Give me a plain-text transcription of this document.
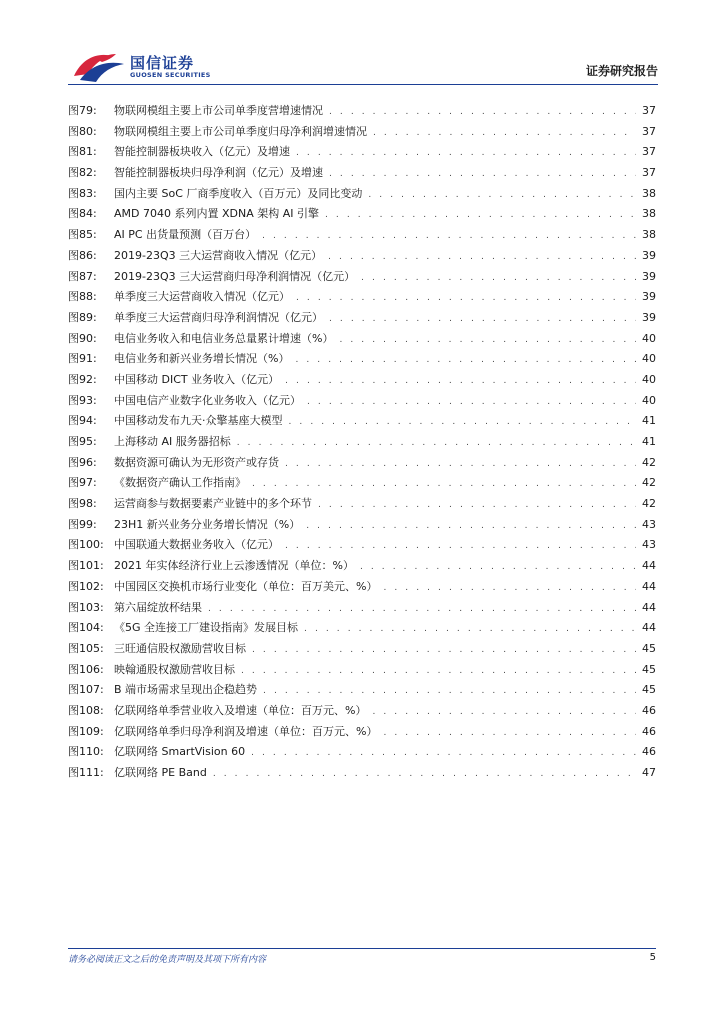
国信证券
GUOSEN SECURITIES	证券研究报告
图79:	物联网模组主要上市公司单季度营增速情况 . . .	37
图80:	物联网模组主要上市公司单季度归母净利润增速情况 . . .	37
图81:	智能控制器板块收入（亿元）及增速 . . .	37
图82:	智能控制器板块归母净利润（亿元）及增速 . . .	37
图83:	国内主要 SoC 厂商季度收入（百万元）及同比变动 . . .	38
图84:	AMD 7040 系列内置 XDNA 架构 AI 引擎 . . .	38
图85:	AI PC 出货量预测（百万台） . . .	38
图86:	2019-23Q3 三大运营商收入情况（亿元） . . .	39
图87:	2019-23Q3 三大运营商归母净利润情况（亿元） . . .	39
图88:	单季度三大运营商收入情况（亿元） . . .	39
图89:	单季度三大运营商归母净利润情况（亿元） . . .	39
图90:	电信业务收入和电信业务总量累计增速（%） . . .	40
图91:	电信业务和新兴业务增长情况（%） . . .	40
图92:	中国移动 DICT 业务收入（亿元） . . .	40
图93:	中国电信产业数字化业务收入（亿元） . . .	40
图94:	中国移动发布九天·众擎基座大模型 . . .	41
图95:	上海移动 AI 服务器招标 . . .	41
图96:	数据资源可确认为无形资产或存货 . . .	42
图97:	《数据资产确认工作指南》 . . .	42
图98:	运营商参与数据要素产业链中的多个环节 . . .	42
图99:	23H1 新兴业务分业务增长情况（%） . . .	43
图100: 中国联通大数据业务收入（亿元） . . .	43
图101: 2021 年实体经济行业上云渗透情况（单位：%） . . .	44
图102: 中国园区交换机市场行业变化（单位：百万美元、%） . . .	44
图103: 第六届绽放杯结果 . . .	44
图104: 《5G 全连接工厂建设指南》发展目标 . . .	44
图105: 三旺通信股权激励营收目标 . . .	45
图106: 映翰通股权激励营收目标 . . .	45
图107: B 端市场需求呈现出企稳趋势 . . .	45
图108: 亿联网络单季营业收入及增速（单位：百万元、%） . . .	46
图109: 亿联网络单季归母净利润及增速（单位：百万元、%） . . .	46
图110: 亿联网络 SmartVision 60 . . .	46
图111: 亿联网络 PE Band . . .	47
请务必阅读正文之后的免责声明及其项下所有内容	5
